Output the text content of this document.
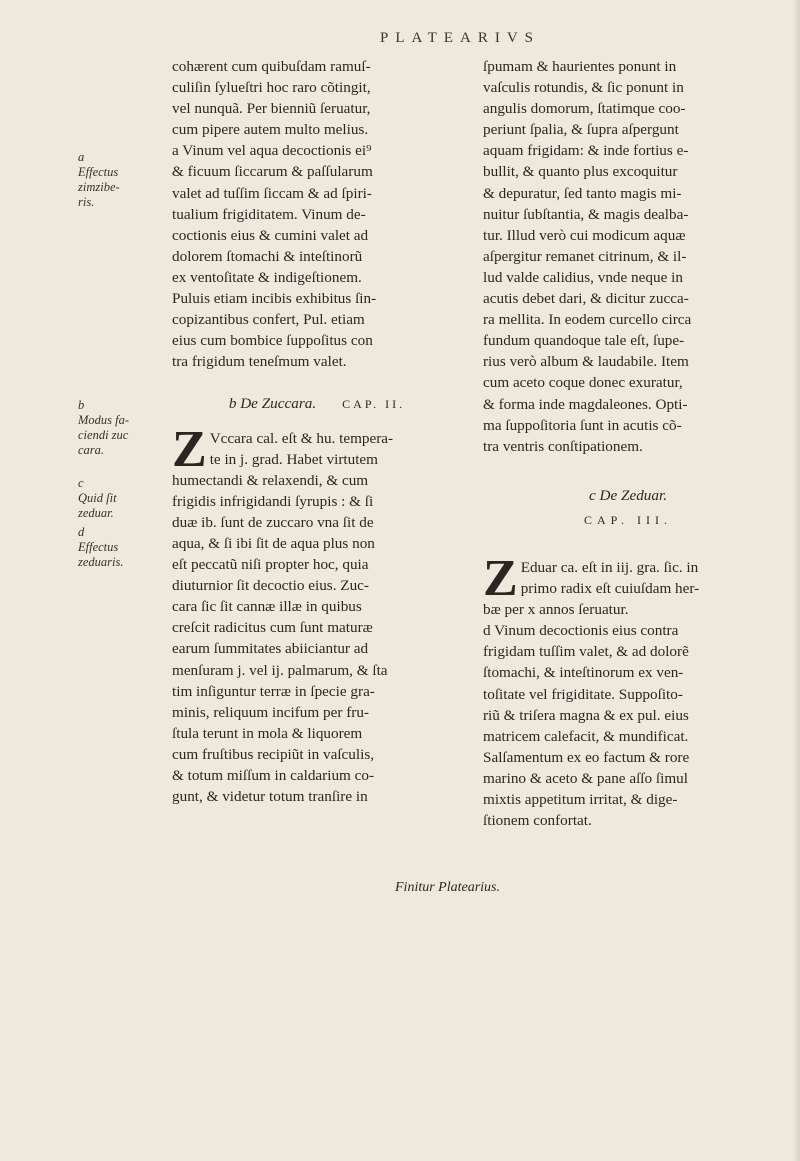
PLATEARIVS
cohærent cum quibuſdam ramuſ-
culiſin ſylueſtri hoc raro cõtingit,
vel nunquã. Per bienniũ ſeruatur,
cum pipere autem multo melius.
a Vinum vel aqua decoctionis ei⁹
& ficuum ſiccarum & paſſularum
valet ad tuſſim ſiccam & ad ſpiri-
tualium frigiditatem. Vinum de-
coctionis eius & cumini valet ad
dolorem ſtomachi & inteſtinorũ
ex ventoſitate & indigeſtionem.
Puluis etiam incibis exhibitus ſin-
copizantibus confert, Pul. etiam
eius cum bombice ſuppoſitus con
tra frigidum teneſmum valet.
b De Zuccara. CAP. II.
Z Vccara cal. eſt & hu. tempera-
te in j. grad. Habet virtutem
humectandi & relaxendi, & cum
frigidis infrigidandi ſyrupis : & ſi
duæ ib. ſunt de zuccaro vna ſit de
aqua, & ſi ibi ſit de aqua plus non
eſt peccatũ niſi propter hoc, quia
diuturnior ſit decoctio eius. Zuc-
cara ſic ſit cannæ illæ in quibus
creſcit radicitus cum ſunt maturæ
earum ſummitates abiiciantur ad
menſuram j. vel ij. palmarum, & ſta
tim inſiguntur terræ in ſpecie gra-
minis, reliquum incifum per fru-
ſtula terunt in mola & liquorem
cum fruſtibus recipiũt in vaſculis,
& totum miſſum in caldarium co-
gunt, & videtur totum tranſire in
ſpumam & haurientes ponunt in
vaſculis rotundis, & ſic ponunt in
angulis domorum, ſtatimque coo-
periunt ſpalia, & ſupra aſpergunt
aquam frigidam: & inde fortius e-
bullit, & quanto plus excoquitur
& depuratur, ſed tanto magis mi-
nuitur ſubſtantia, & magis dealba-
tur. Illud verò cui modicum aquæ
aſpergitur remanet citrinum, & il-
lud valde calidius, vnde neque in
acutis debet dari, & dicitur zucca-
ra mellita. In eodem curcello circa
fundum quandoque tale eſt, ſupe-
rius verò album & laudabile. Item
cum aceto coque donec exuratur,
& forma inde magdaleones. Opti-
ma ſuppoſitoria ſunt in acutis cõ-
tra ventris conſtipationem.
c De Zeduar.
CAP. III.
Z Eduar ca. eſt in iij. gra. ſic. in
primo radix eſt cuiuſdam her-
bæ per x annos ſeruatur.
d Vinum decoctionis eius contra
frigidam tuſſim valet, & ad dolorẽ
ſtomachi, & inteſtinorum ex ven-
toſitate vel frigiditate. Suppoſito-
riũ & triſera magna & ex pul. eius
matricem calefacit, & mundificat.
Salſamentum ex eo factum & rore
marino & aceto & pane aſſo ſimul
mixtis appetitum irritat, & dige-
ſtionem confortat.
a
Effectus
zimzibe-
ris.
b
Modus fa-
ciendi zuc
cara.
c
Quid ſit
zeduar.
d
Effectus
zeduaris.
Finitur Platearius.
